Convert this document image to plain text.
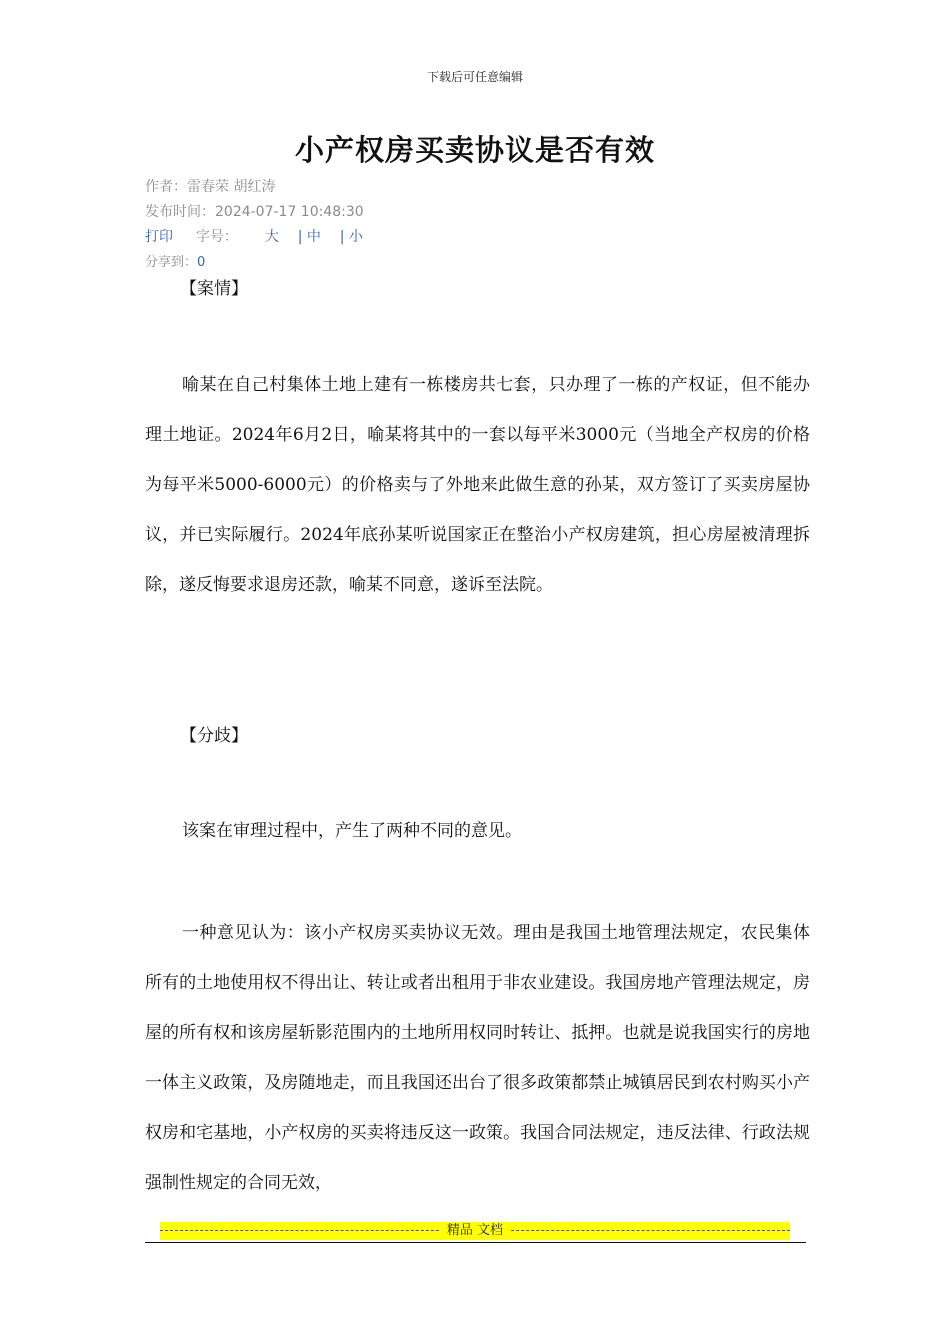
下载后可任意编辑
小产权房买卖协议是否有效
作者：雷春荣 胡红涛
发布时间：2024-07-17 10:48:30
打印 字号： 大 | 中 | 小
分享到：0
【案情】

喻某在自己村集体土地上建有一栋楼房共七套，只办理了一栋的产权证，但不能办理土地证。2024年6月2日，喻某将其中的一套以每平米3000元（当地全产权房的价格为每平米5000-6000元）的价格卖与了外地来此做生意的孙某，双方签订了买卖房屋协议，并已实际履行。2024年底孙某听说国家正在整治小产权房建筑，担心房屋被清理拆除，遂反悔要求退房还款，喻某不同意，遂诉至法院。

【分歧】

该案在审理过程中，产生了两种不同的意见。

一种意见认为：该小产权房买卖协议无效。理由是我国土地管理法规定，农民集体所有的土地使用权不得出让、转让或者出租用于非农业建设。我国房地产管理法规定，房屋的所有权和该房屋斩影范围内的土地所用权同时转让、抵押。也就是说我国实行的房地一体主义政策，及房随地走，而且我国还出台了很多政策都禁止城镇居民到农村购买小产权房和宅基地，小产权房的买卖将违反这一政策。我国合同法规定，违反法律、行政法规强制性规定的合同无效，

精品 文档
